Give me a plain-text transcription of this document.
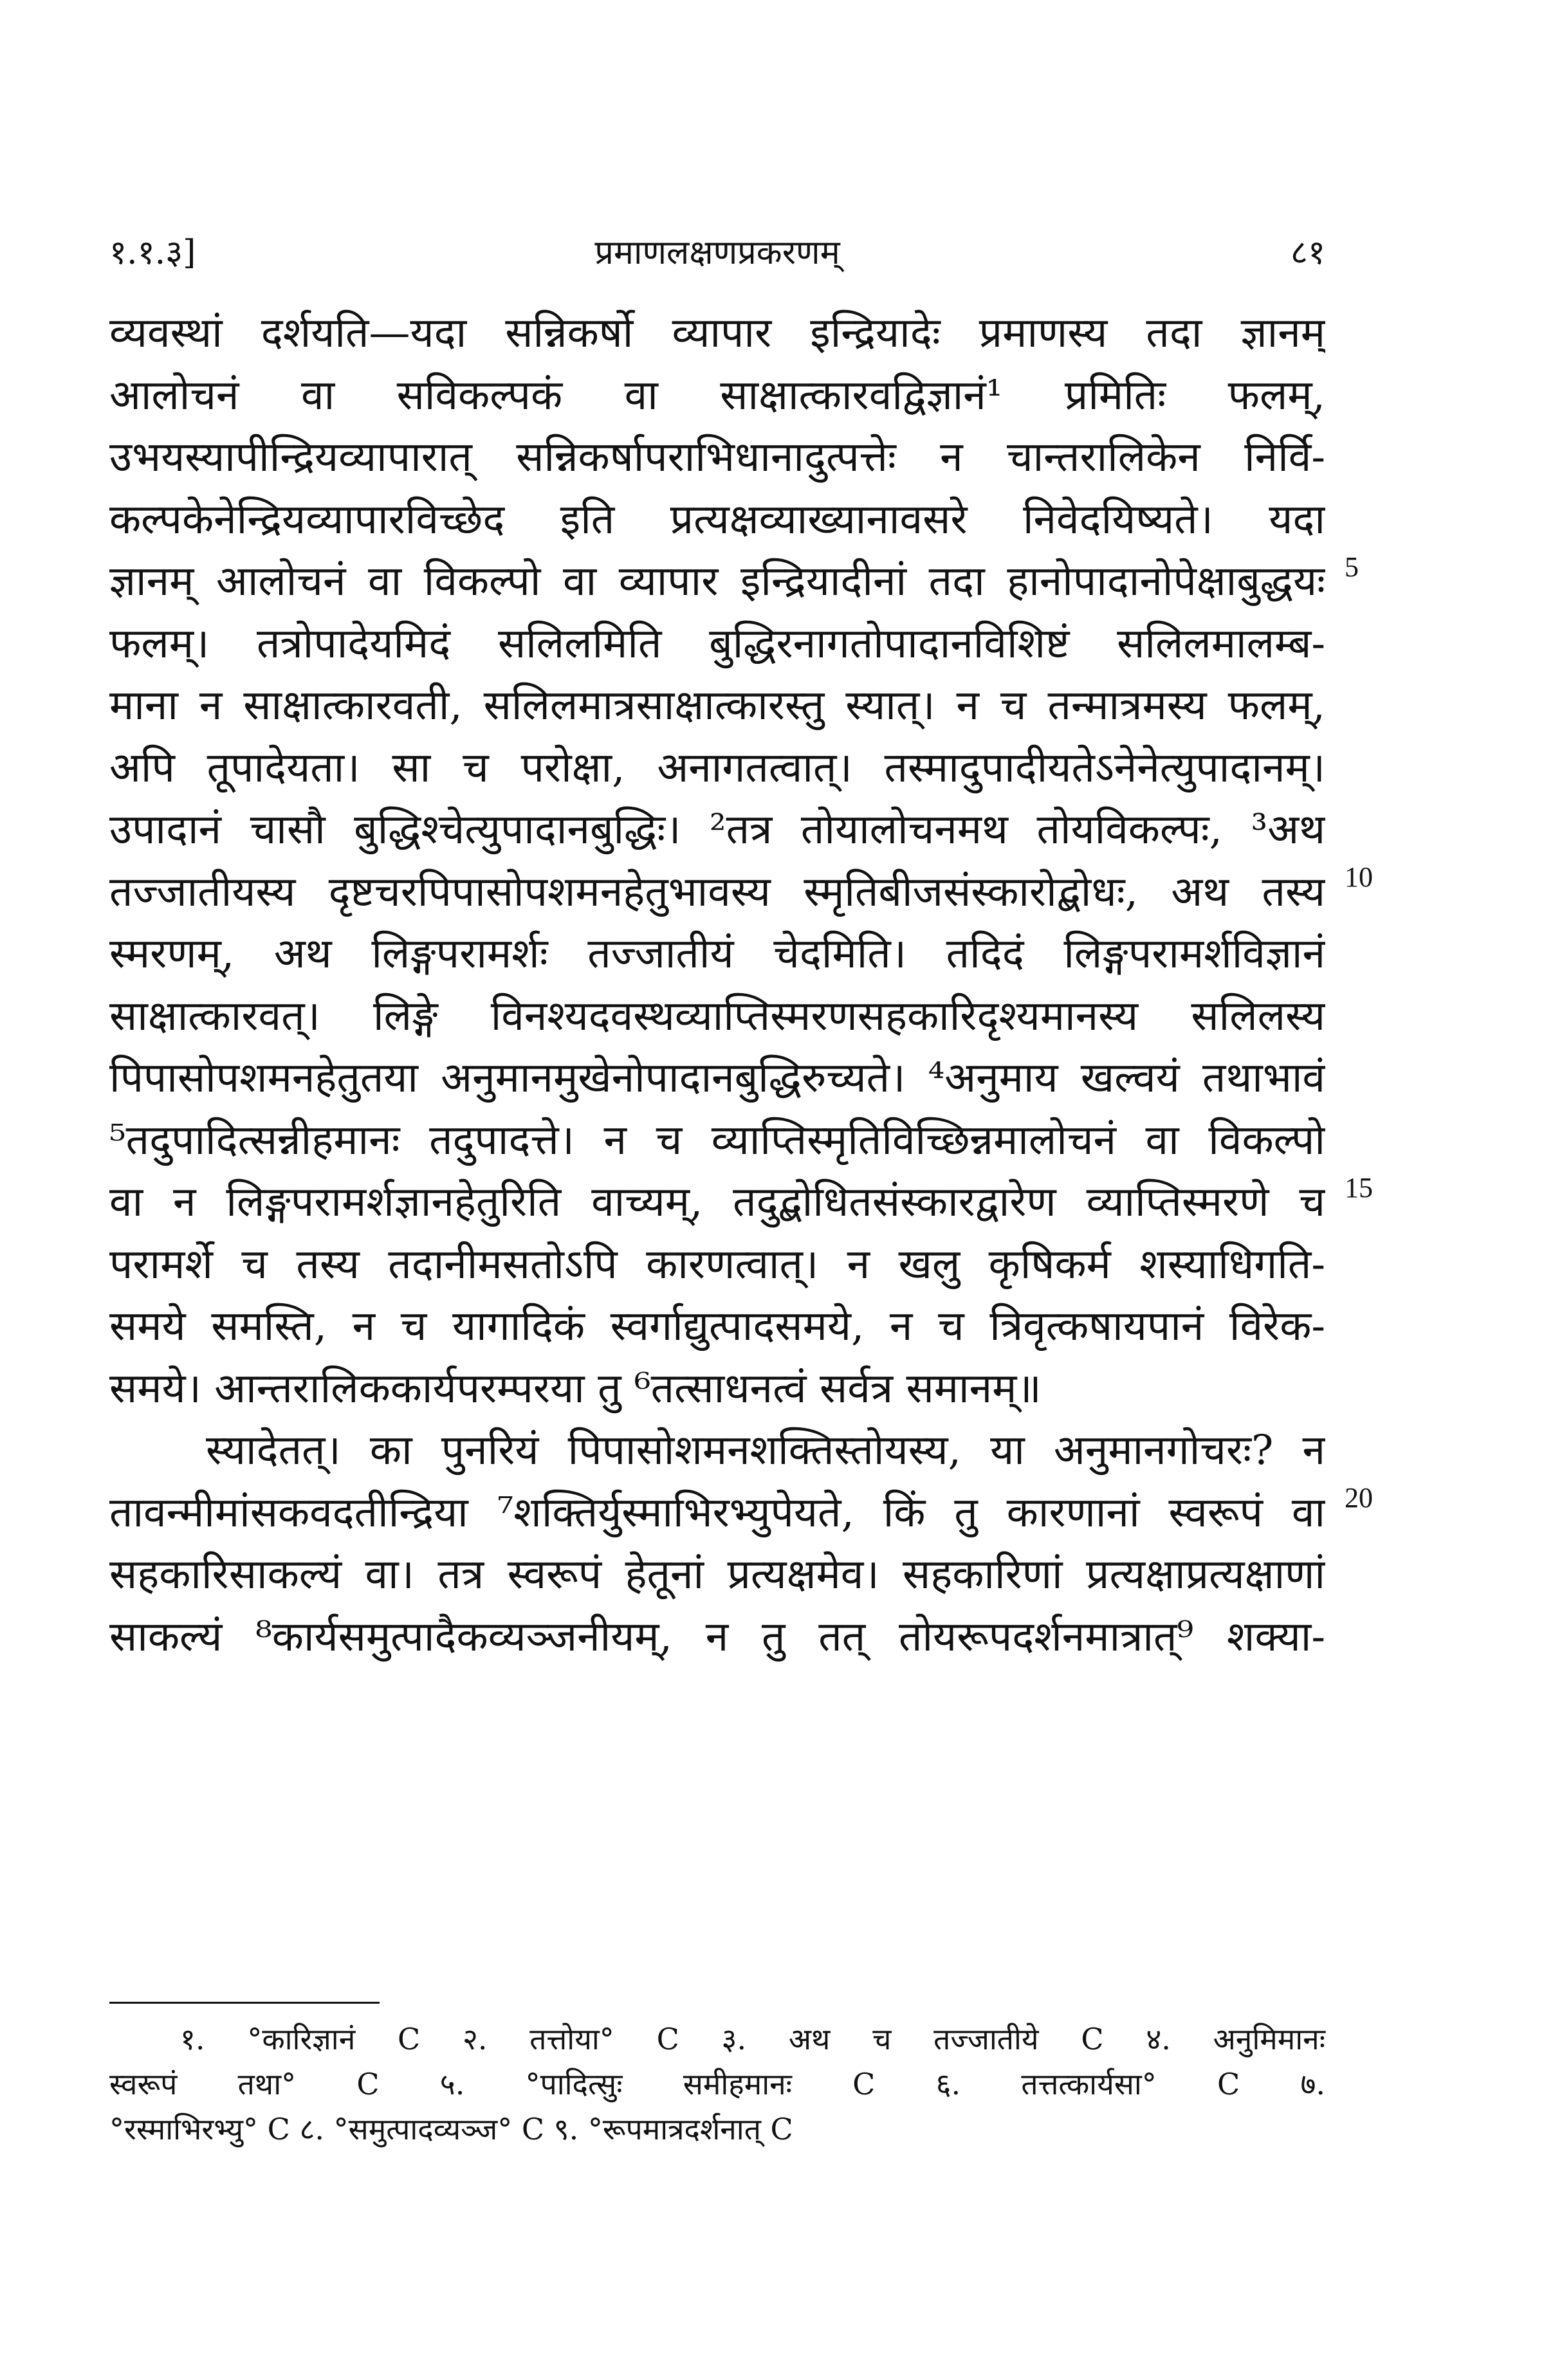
१.१.३]	प्रमाणलक्षणप्रकरणम्	८१
व्यवस्थां दर्शयति—यदा सन्निकर्षो व्यापार इन्द्रियादेः प्रमाणस्य तदा ज्ञानम्
आलोचनं वा सविकल्पकं वा साक्षात्कारवद्विज्ञानं¹ प्रमितिः फलम्,
उभयस्यापीन्द्रियव्यापारात् सन्निकर्षापराभिधानादुत्पत्तेः न चान्तरालिकेन निर्वि-
कल्पकेनेन्द्रियव्यापारविच्छेद इति प्रत्यक्षव्याख्यानावसरे निवेदयिष्यते। यदा
ज्ञानम् आलोचनं वा विकल्पो वा व्यापार इन्द्रियादीनां तदा हानोपादानोपेक्षाबुद्धयः
फलम्। तत्रोपादेयमिदं सलिलमिति बुद्धिरनागतोपादानविशिष्टं सलिलमालम्ब-
माना न साक्षात्कारवती, सलिलमात्रसाक्षात्कारस्तु स्यात्। न च तन्मात्रमस्य फलम्,
अपि तूपादेयता। सा च परोक्षा, अनागतत्वात्। तस्मादुपादीयतेऽनेनेत्युपादानम्।
उपादानं चासौ बुद्धिश्चेत्युपादानबुद्धिः। ²तत्र तोयालोचनमथ तोयविकल्पः, ³अथ
तज्जातीयस्य दृष्टचरपिपासोपशमनहेतुभावस्य स्मृतिबीजसंस्कारोद्बोधः, अथ तस्य
स्मरणम्, अथ लिङ्गपरामर्शः तज्जातीयं चेदमिति। तदिदं लिङ्गपरामर्शविज्ञानं
साक्षात्कारवत्। लिङ्गे विनश्यदवस्थव्याप्तिस्मरणसहकारिदृश्यमानस्य सलिलस्य
पिपासोपशमनहेतुतया अनुमानमुखेनोपादानबुद्धिरुच्यते। ⁴अनुमाय खल्वयं तथाभावं
⁵तदुपादित्सन्नीहमानः तदुपादत्ते। न च व्याप्तिस्मृतिविच्छिन्नमालोचनं वा विकल्पो
वा न लिङ्गपरामर्शज्ञानहेतुरिति वाच्यम्, तदुद्बोधितसंस्कारद्वारेण व्याप्तिस्मरणे च
परामर्शे च तस्य तदानीमसतोऽपि कारणत्वात्। न खलु कृषिकर्म शस्याधिगति-
समये समस्ति, न च यागादिकं स्वर्गाद्युत्पादसमये, न च त्रिवृत्कषायपानं विरेक-
समये। आन्तरालिककार्यपरम्परया तु ⁶तत्साधनत्वं सर्वत्र समानम्॥
स्यादेतत्। का पुनरियं पिपासोशमनशक्तिस्तोयस्य, या अनुमानगोचरः? न
तावन्मीमांसकवदतीन्द्रिया ⁷शक्तिर्युस्माभिरभ्युपेयते, किं तु कारणानां स्वरूपं वा
सहकारिसाकल्यं वा। तत्र स्वरूपं हेतूनां प्रत्यक्षमेव। सहकारिणां प्रत्यक्षाप्रत्यक्षाणां
साकल्यं ⁸कार्यसमुत्पादैकव्यञ्जनीयम्, न तु तत् तोयरूपदर्शनमात्रात्⁹ शक्या-
5
10
15
20
१. °कारिज्ञानं C २. तत्तोया° C ३. अथ च तज्जातीये C ४. अनुमिमानः
स्वरूपं तथा° C ५. °पादित्सुः समीहमानः C ६. तत्तत्कार्यसा° C ७.
°रस्माभिरभ्यु° C ८. °समुत्पादव्यञ्ज° C ९. °रूपमात्रदर्शनात् C
